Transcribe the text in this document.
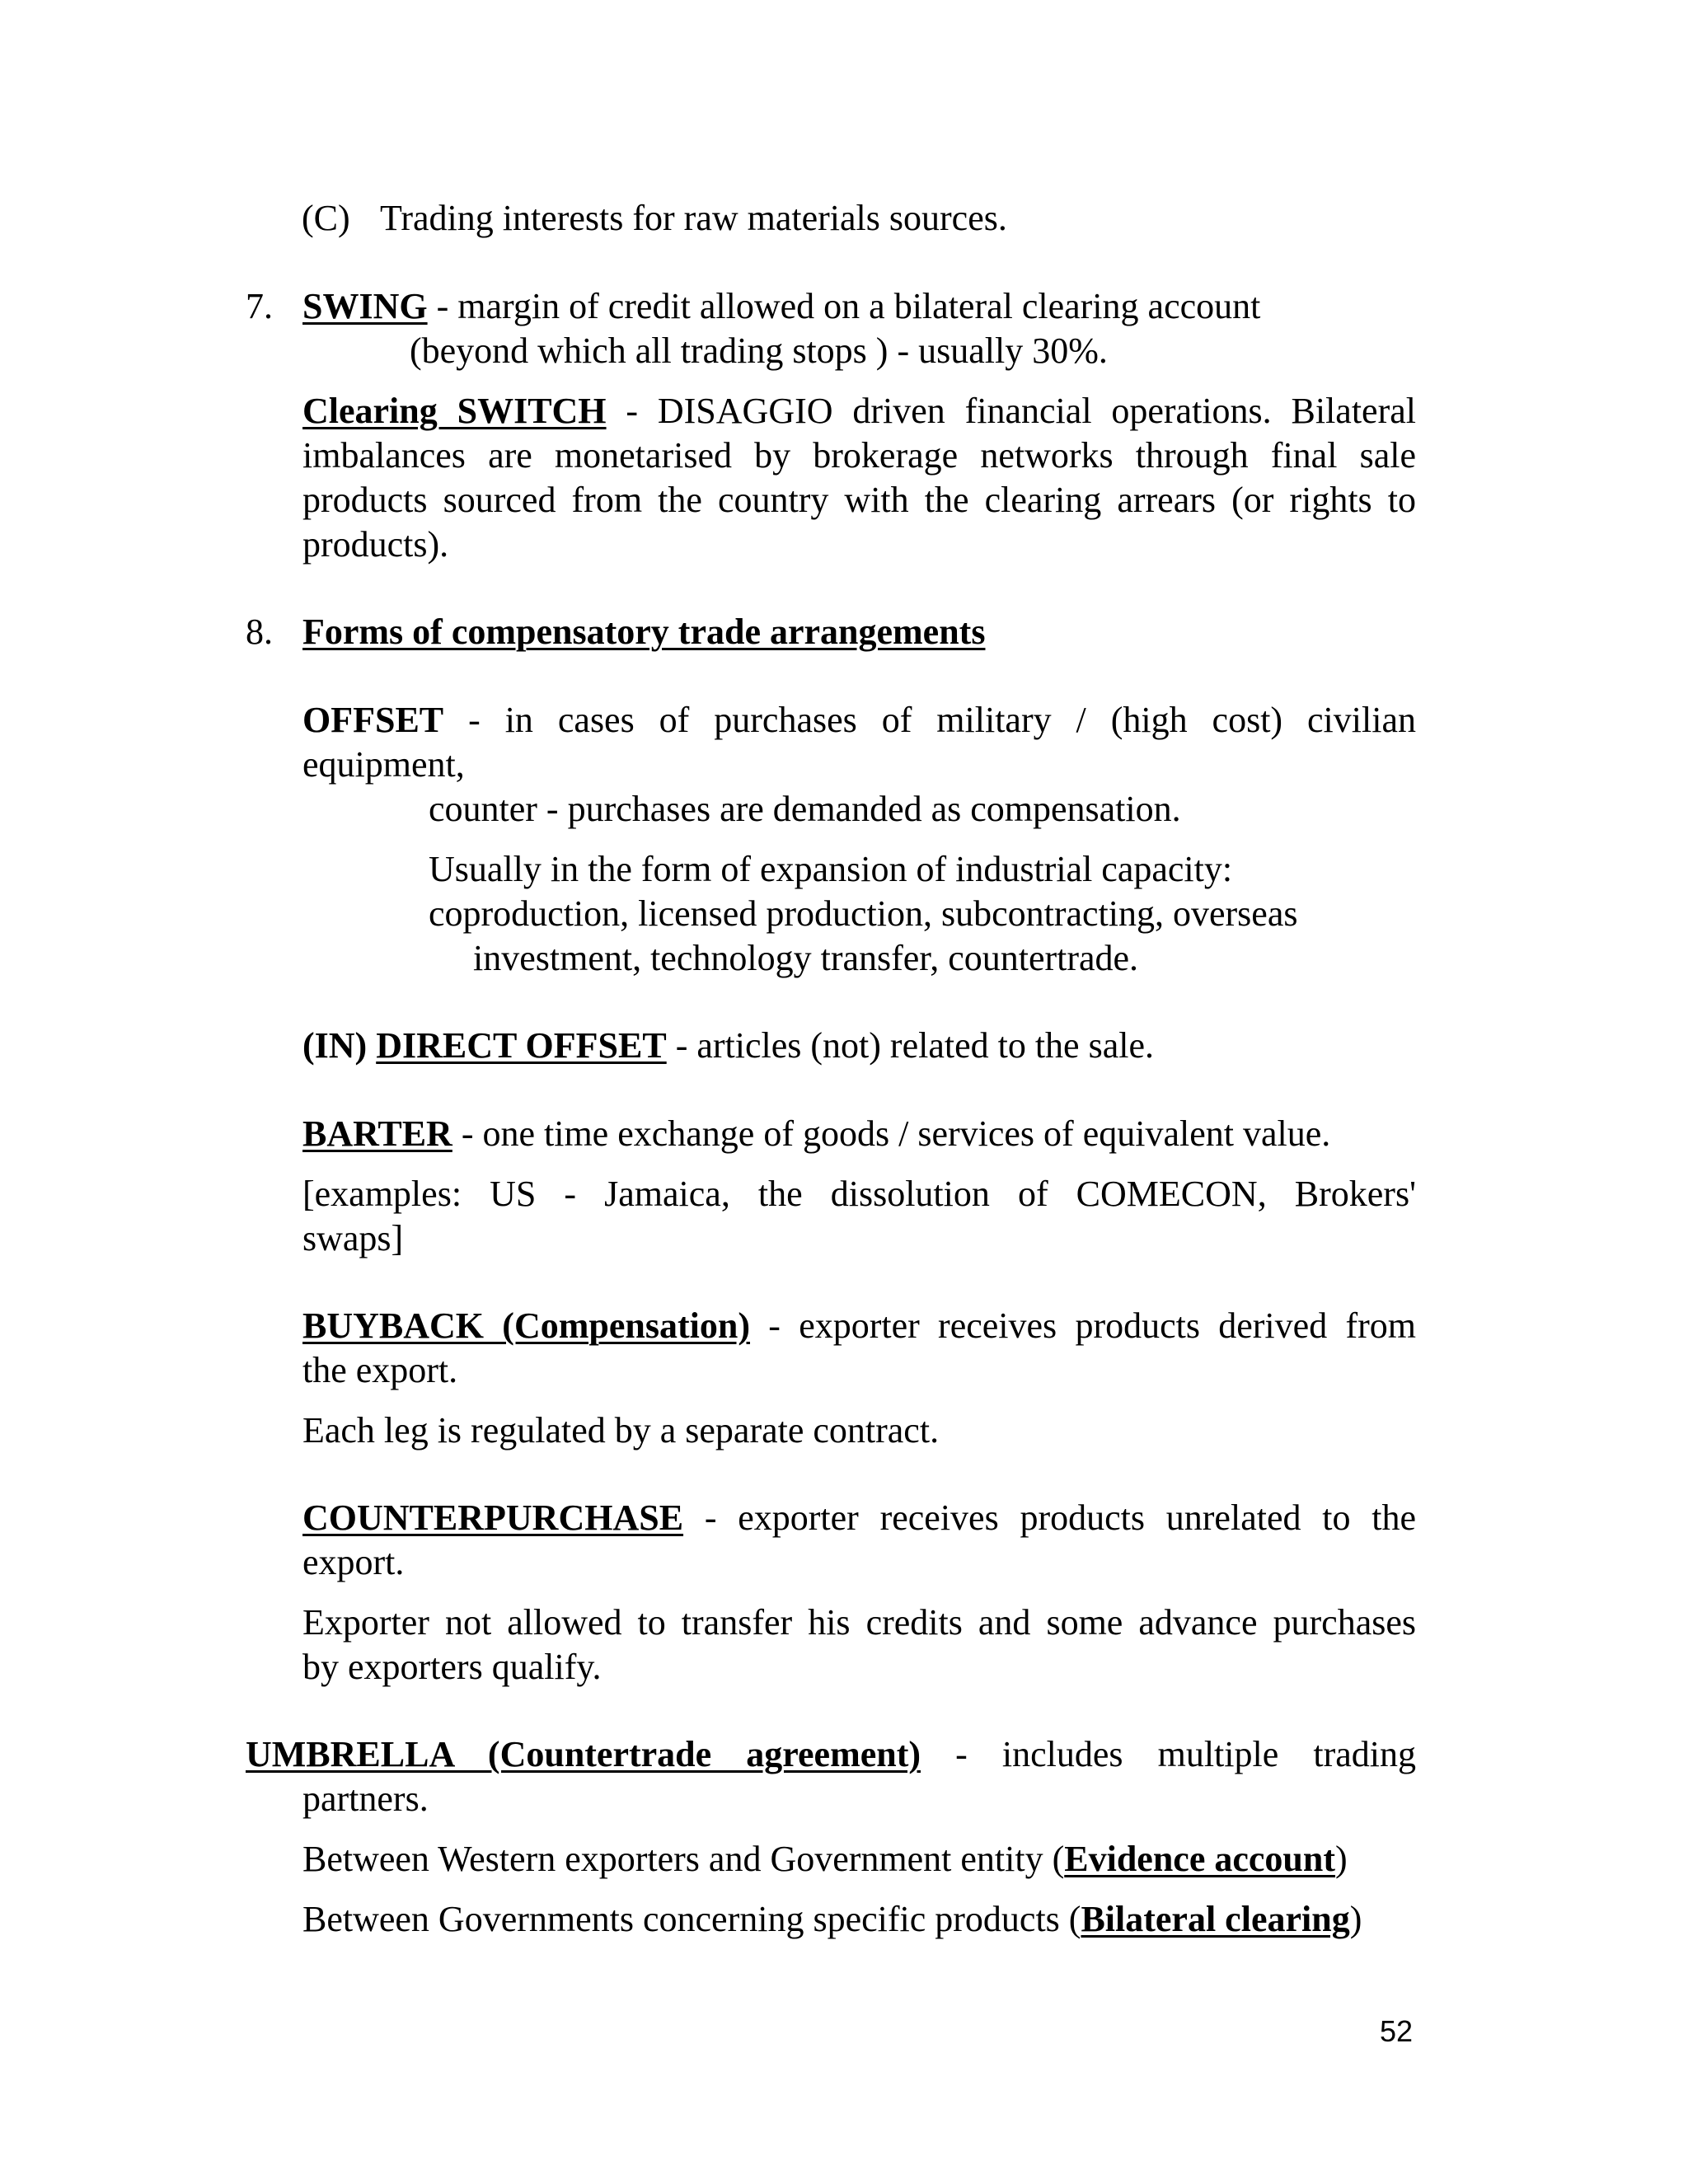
(C) Trading interests for raw materials sources.
7. SWING - margin of credit allowed on a bilateral clearing account
(beyond which all trading stops ) - usually 30%.
Clearing SWITCH - DISAGGIO driven financial operations. Bilateral
imbalances are monetarised by brokerage networks through final sale
products sourced from the country with the clearing arrears (or rights to
products).
8. Forms of compensatory trade arrangements
OFFSET - in cases of purchases of military / (high cost) civilian
equipment,
counter - purchases are demanded as compensation.
Usually in the form of expansion of industrial capacity:
coproduction, licensed production, subcontracting, overseas
investment, technology transfer, countertrade.
(IN) DIRECT OFFSET - articles (not) related to the sale.
BARTER - one time exchange of goods / services of equivalent value.
[examples: US - Jamaica, the dissolution of COMECON, Brokers'
swaps]
BUYBACK (Compensation) - exporter receives products derived from
the export.
Each leg is regulated by a separate contract.
COUNTERPURCHASE - exporter receives products unrelated to the
export.
Exporter not allowed to transfer his credits and some advance purchases
by exporters qualify.
UMBRELLA (Countertrade agreement) - includes multiple trading
partners.
Between Western exporters and Government entity (Evidence account)
Between Governments concerning specific products (Bilateral clearing)
52
